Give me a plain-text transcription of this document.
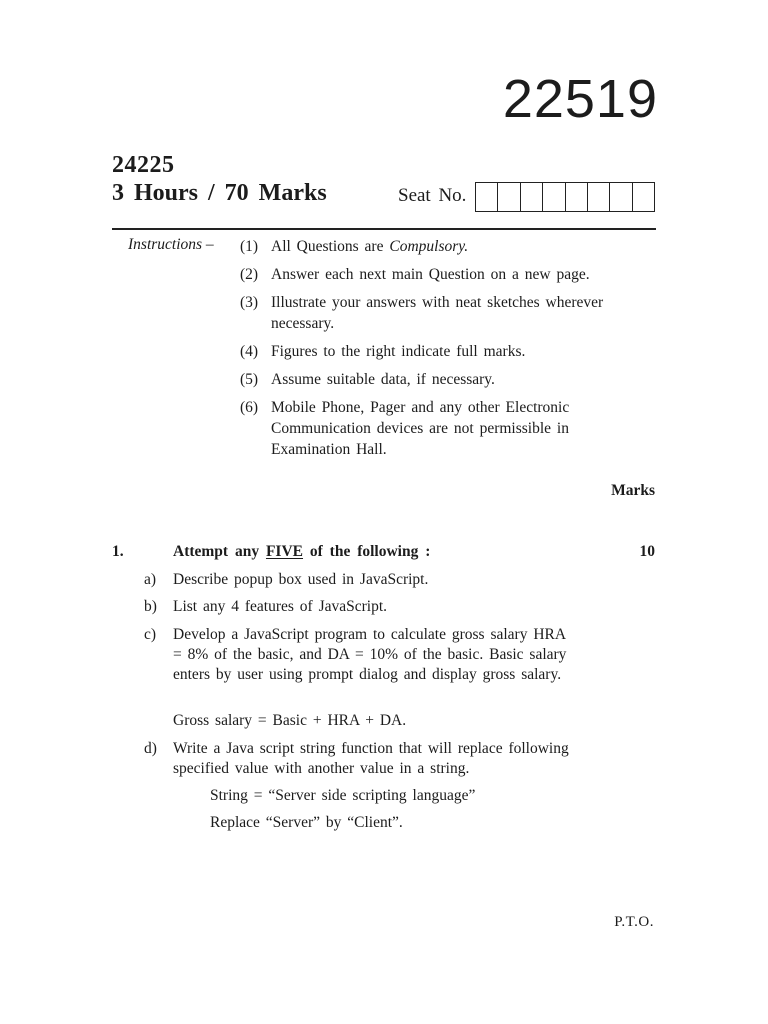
22519
24225
3 Hours / 70 Marks	Seat No.
Instructions – (1) All Questions are Compulsory.
(2) Answer each next main Question on a new page.
(3) Illustrate your answers with neat sketches wherever necessary.
(4) Figures to the right indicate full marks.
(5) Assume suitable data, if necessary.
(6) Mobile Phone, Pager and any other Electronic Communication devices are not permissible in Examination Hall.
Marks
1.	Attempt any FIVE of the following :	10
a)	Describe popup box used in JavaScript.
b)	List any 4 features of JavaScript.
c)	Develop a JavaScript program to calculate gross salary HRA = 8% of the basic, and DA = 10% of the basic. Basic salary enters by user using prompt dialog and display gross salary.
Gross salary = Basic + HRA + DA.
d)	Write a Java script string function that will replace following specified value with another value in a string.
String = “Server side scripting language”
Replace “Server” by “Client”.
P.T.O.
